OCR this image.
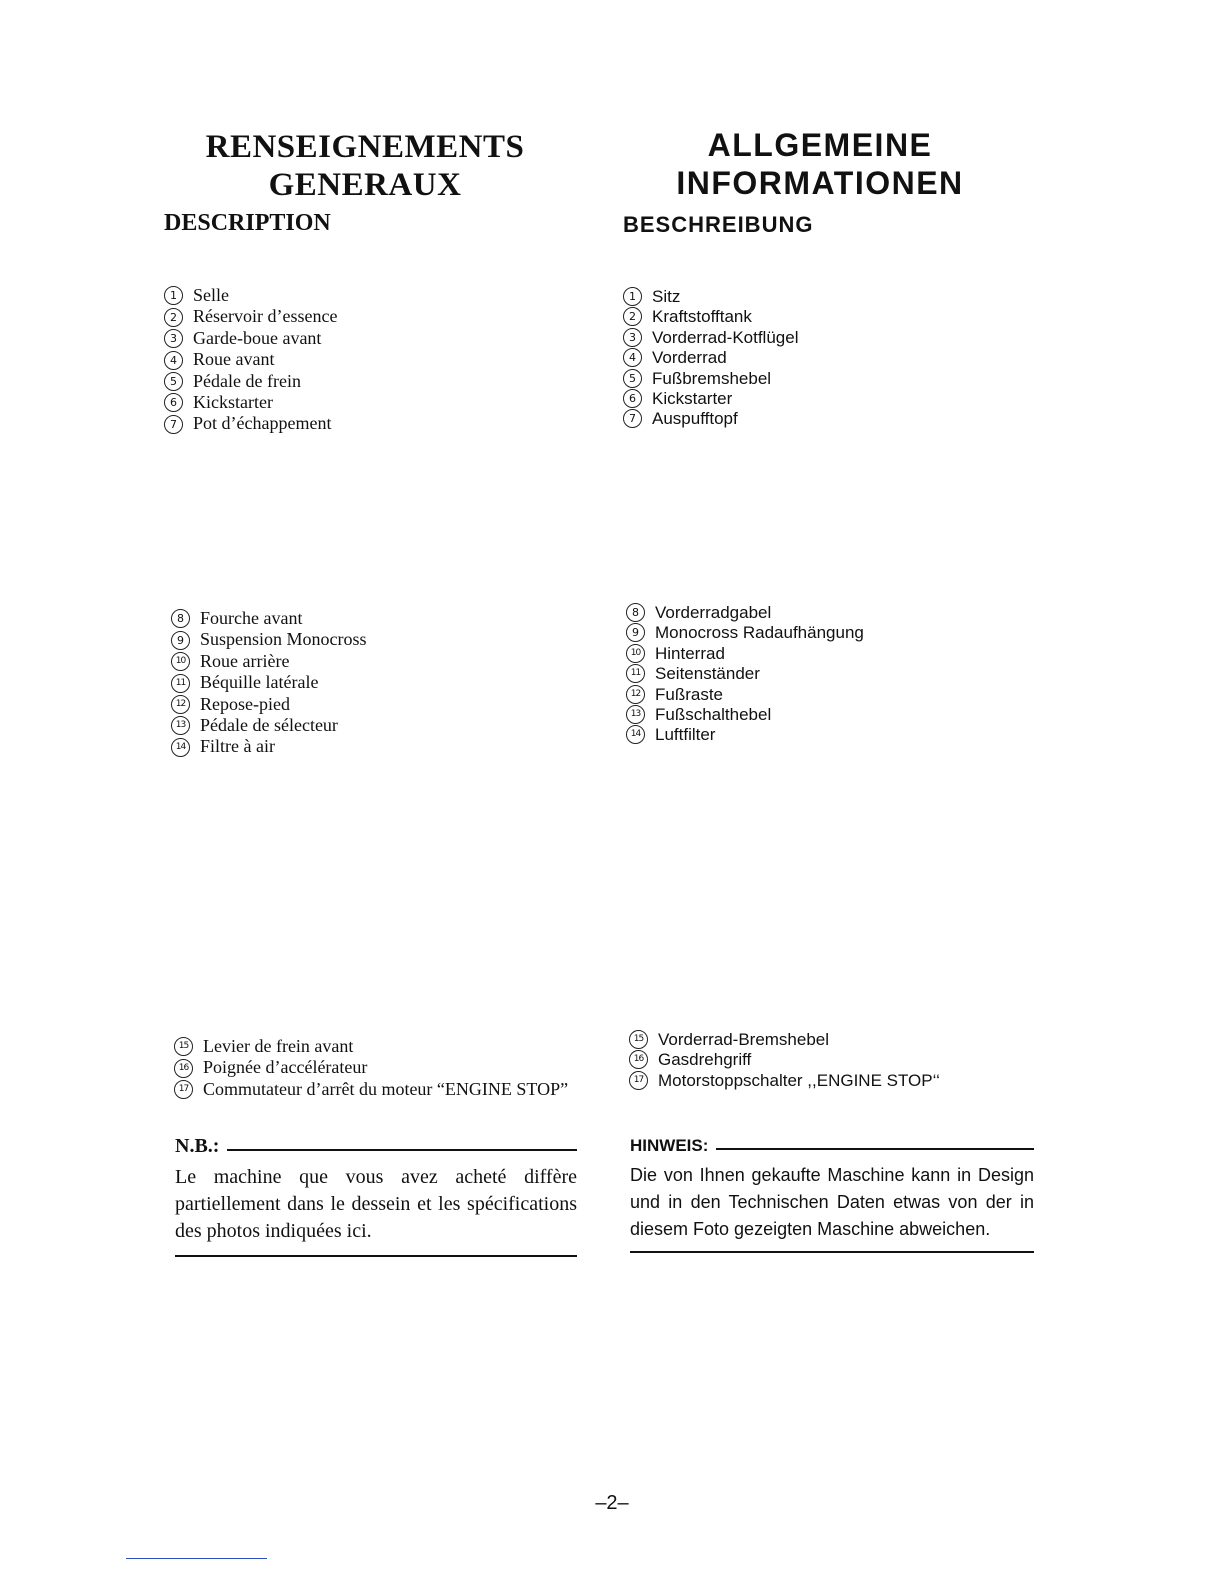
RENSEIGNEMENTS
GENERAUX
DESCRIPTION
1 Selle
2 Réservoir d’essence
3 Garde-boue avant
4 Roue avant
5 Pédale de frein
6 Kickstarter
7 Pot d’échappement
8 Fourche avant
9 Suspension Monocross
10 Roue arrière
11 Béquille latérale
12 Repose-pied
13 Pédale de sélecteur
14 Filtre à air
15 Levier de frein avant
16 Poignée d’accélérateur
17 Commutateur d’arrêt du moteur “ENGINE STOP”
N.B.:
Le machine que vous avez acheté diffère partiellement dans le dessein et les spécifications des photos indiquées ici.
ALLGEMEINE
INFORMATIONEN
BESCHREIBUNG
1 Sitz
2 Kraftstofftank
3 Vorderrad-Kotflügel
4 Vorderrad
5 Fußbremshebel
6 Kickstarter
7 Auspufftopf
8 Vorderradgabel
9 Monocross Radaufhängung
10 Hinterrad
11 Seitenständer
12 Fußraste
13 Fußschalthebel
14 Luftfilter
15 Vorderrad-Bremshebel
16 Gasdrehgriff
17 Motorstoppschalter ,,ENGINE STOP‘‘
HINWEIS:
Die von Ihnen gekaufte Maschine kann in Design und in den Technischen Daten etwas von der in diesem Foto gezeigten Maschine abweichen.
–2–
